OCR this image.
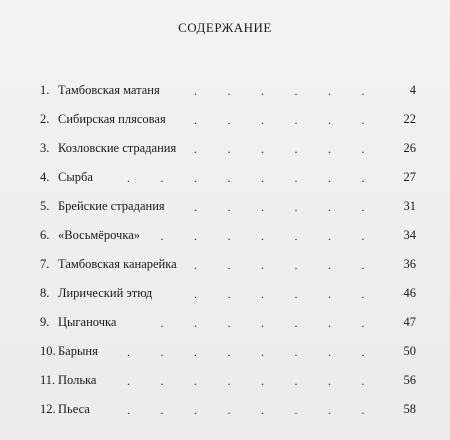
СОДЕРЖАНИЕ
1. Тамбовская матаня	4
.	.	.	.	.	.
2. Сибирская плясовая	22
.	.	.	.	.	.
3. Козловские страдания	26
.	.	.	.	.	.
4. Сырба	27
.	.	.	.	.	.	.	.
5. Брейские страдания	31
.	.	.	.	.	.
6. «Восьмёрочка»	34
.	.	.	.	.	.	.
7. Тамбовская канарейка	36
.	.	.	.	.	.
8. Лирический этюд	46
.	.	.	.	.	.
9. Цыганочка	47
.	.	.	.	.	.	.
10. Барыня	50
.	.	.	.	.	.	.	.
11. Полька	56
.	.	.	.	.	.	.	.
12. Пьеса	58
.	.	.	.	.	.	.	.
